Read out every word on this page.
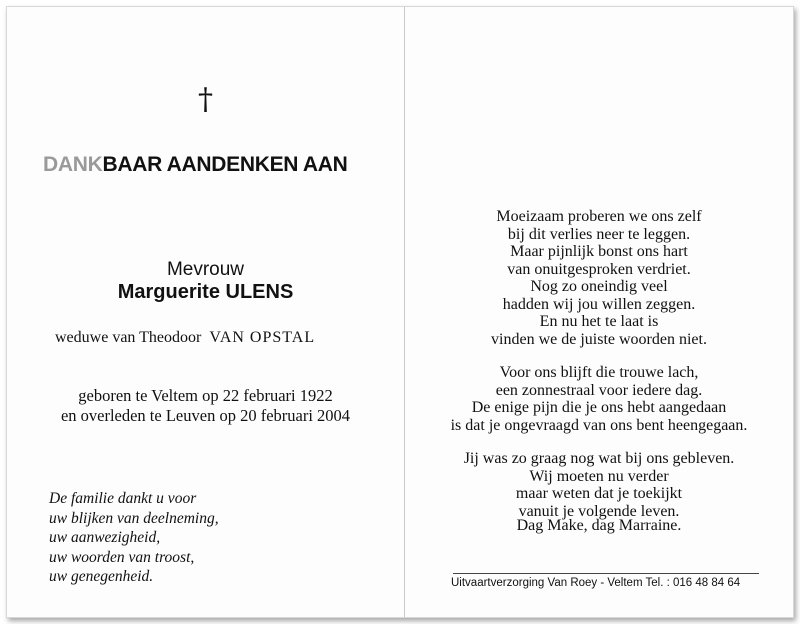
†
DANKBAAR AANDENKEN AAN
Mevrouw
Marguerite ULENS
weduwe van Theodoor VAN OPSTAL
geboren te Veltem op 22 februari 1922
en overleden te Leuven op 20 februari 2004
De familie dankt u voor
uw blijken van deelneming,
uw aanwezigheid,
uw woorden van troost,
uw genegenheid.
Moeizaam proberen we ons zelf
bij dit verlies neer te leggen.
Maar pijnlijk bonst ons hart
van onuitgesproken verdriet.
Nog zo oneindig veel
hadden wij jou willen zeggen.
En nu het te laat is
vinden we de juiste woorden niet.
Voor ons blijft die trouwe lach,
een zonnestraal voor iedere dag.
De enige pijn die je ons hebt aangedaan
is dat je ongevraagd van ons bent heengegaan.
Jij was zo graag nog wat bij ons gebleven.
Wij moeten nu verder
maar weten dat je toekijkt
vanuit je volgende leven.
Dag Make, dag Marraine.
Uitvaartverzorging Van Roey - Veltem Tel. : 016 48 84 64
